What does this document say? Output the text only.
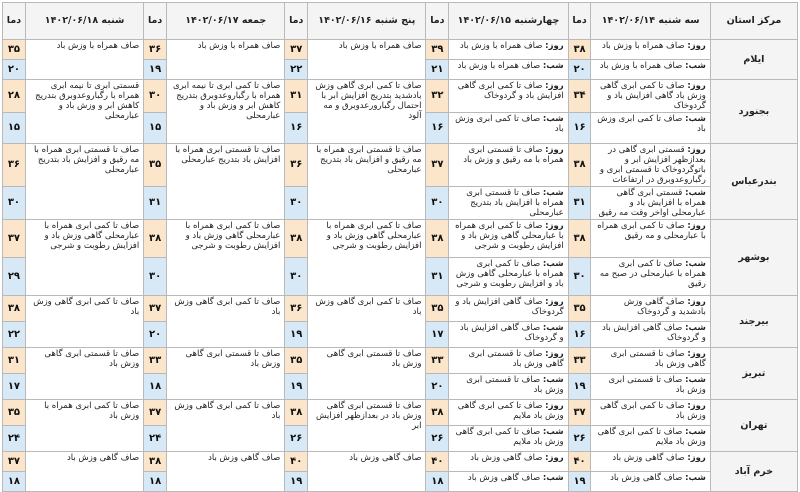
مرکز استان	سه شنبه ۱۴۰۲/۰۶/۱۴	دما	چهارشنبه ۱۴۰۲/۰۶/۱۵	دما	پنج شنبه ۱۴۰۲/۰۶/۱۶	دما	جمعه ۱۴۰۲/۰۶/۱۷	دما	شنبه ۱۴۰۲/۰۶/۱۸	دما
ایلام	روز: صاف همراه با وزش باد	۳۸	روز: صاف همراه با وزش باد	۳۹	صاف همراه با وزش باد	۳۷	صاف همراه با وزش باد	۳۶	صاف همراه با وزش باد	۳۵
	شب: صاف همراه با وزش باد	۲۰	شب: صاف همراه با وزش باد	۲۱		۲۲		۱۹		۲۰
بجنورد	روز: صاف تا کمی ابری گاهی وزش باد گاهی افزایش باد و گردوخاک	۳۴	روز: صاف تا کمی ابری گاهی افزایش باد و گردوخاک	۳۲	صاف تا کمی ابری گاهی وزش بادشدید بتدریج افزایش ابر با احتمال رگبارورعدوبرق و مه آلود	۳۱	صاف تا کمی ابری تا نیمه ابری همراه با رگباروعدوبرق بتدریج کاهش ابر و وزش باد و عبارمحلی	۳۰	قسمتی ابری تا نیمه ابری همراه با رگباروعدوبرق بتدریج کاهش ابر و وزش باد و عبارمحلی	۲۸
	شب: صاف تا کمی ابری وزش باد	۱۶	شب: صاف تا کمی ابری وزش باد	۱۶		۱۶		۱۵		۱۵
بندرعباس	روز: قسمتی ابری گاهی در بعدازظهر افزایش ابر و باتوگردوخاک تا قسمتی ابری و رگباروعدوبرق در ارتفاعات	۳۸	روز: صاف تا قسمتی ابری همراه با مه رقیق و وزش باد	۳۷	صاف تا قسمتی ابری همراه با مه رقیق و افزایش باد بتدریج عبارمحلی	۳۶	صاف تا قسمتی ابری همراه با افزایش باد بتدریج عبارمحلی	۳۵	صاف تا قسمتی ابری همراه با مه رقیق و افزایش باد بتدریج عبارمحلی	۳۶
	شب: قسمتی ابری گاهی همراه با افزایش باد و عبارمحلی اواخر وقت مه رقیق	۳۱	شب: صاف تا قسمتی ابری همراه با افزایش باد بتدریج عبارمحلی	۳۰		۳۰		۳۱		۳۰
بوشهر	روز: صاف تا کمی ابری همراه با عبارمحلی و مه رقیق	۳۸	روز: صاف تا کمی ابری همراه با عبارمحلی گاهی وزش باد و افزایش رطوبت و شرجی	۳۸	صاف تا کمی ابری همراه با عبارمحلی گاهی وزش باد و افزایش رطوبت و شرجی	۳۸	صاف تا کمی ابری همراه با عبارمحلی گاهی وزش باد و افزایش رطوبت و شرجی	۳۸	صاف تا کمی ابری همراه با عبارمحلی گاهی وزش باد و افزایش رطوبت و شرجی	۳۷
	شب: صاف تا کمی ابری همراه با عبارمحلی در صبح مه رقیق	۳۰	شب: صاف تا کمی ابری همراه با عبارمحلی گاهی وزش باد و افزایش رطوبت و شرجی	۳۱		۳۰		۳۰		۲۹
بیرجند	روز: صاف گاهی وزش بادشدید و گردوخاک	۳۵	روز: صاف گاهی افزایش باد و گردوخاک	۳۵	صاف تا کمی ابری گاهی وزش باد	۳۶	صاف تا کمی ابری گاهی وزش باد	۳۷	صاف تا کمی ابری گاهی وزش باد	۳۸
	شب: صاف گاهی افزایش باد و گردوخاک	۱۶	شب: صاف گاهی افزایش باد و گردوخاک	۱۷		۱۹		۲۰		۲۲
تبریز	روز: صاف تا قسمتی ابری گاهی وزش باد	۳۳	روز: صاف تا قسمتی ابری گاهی وزش باد	۳۳	صاف تا قسمتی ابری گاهی وزش باد	۳۵	صاف تا قسمتی ابری گاهی وزش باد	۳۳	صاف تا قسمتی ابری گاهی وزش باد	۳۱
	شب: صاف تا قسمتی ابری وزش باد	۱۹	شب: صاف تا قسمتی ابری وزش باد	۲۰		۱۹		۱۸		۱۷
تهران	روز: صاف تا کمی ابری گاهی وزش باد	۳۷	روز: صاف تا کمی ابری گاهی وزش باد ملایم	۳۸	صاف تا قسمتی ابری گاهی وزش باد در بعدازظهر افزایش ابر	۳۸	صاف تا کمی ابری گاهی وزش باد	۳۷	صاف تا کمی ابری همراه با وزش باد	۳۵
	شب: صاف تا کمی ابری گاهی وزش باد ملایم	۲۶	شب: صاف تا کمی ابری گاهی وزش باد ملایم	۲۶		۲۶		۲۴		۲۴
خرم آباد	روز: صاف گاهی وزش باد	۴۰	روز: صاف گاهی وزش باد	۴۰	صاف گاهی وزش باد	۴۰	صاف گاهی وزش باد	۳۸	صاف گاهی وزش باد	۳۷
	شب: صاف گاهی وزش باد	۱۹	شب: صاف گاهی وزش باد	۱۸		۱۹		۱۸		۱۸
